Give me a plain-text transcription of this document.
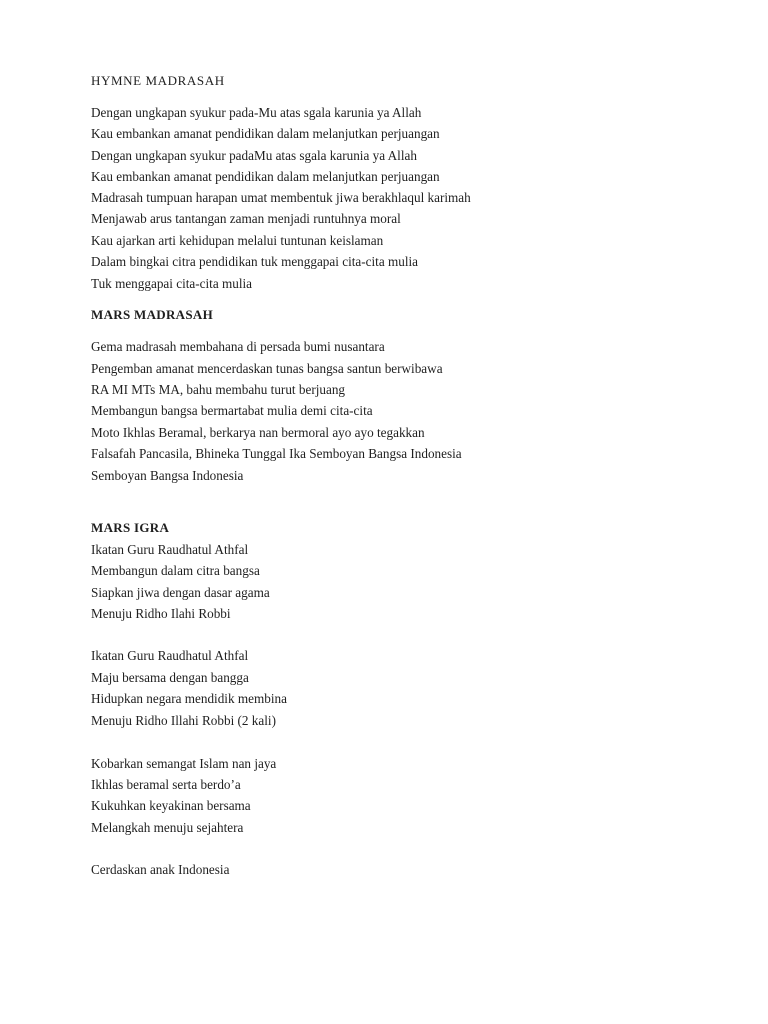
HYMNE MADRASAH
Dengan ungkapan syukur pada-Mu atas sgala karunia ya Allah
Kau embankan amanat pendidikan dalam melanjutkan perjuangan
Dengan ungkapan syukur padaMu atas sgala karunia ya Allah
Kau embankan amanat pendidikan dalam melanjutkan perjuangan
Madrasah tumpuan harapan umat membentuk jiwa berakhlaqul karimah
Menjawab arus tantangan zaman menjadi runtuhnya moral
Kau ajarkan arti kehidupan melalui tuntunan keislaman
Dalam bingkai citra pendidikan tuk menggapai cita-cita mulia
Tuk menggapai cita-cita mulia
MARS MADRASAH
Gema madrasah membahana di persada bumi nusantara
Pengemban amanat mencerdaskan tunas bangsa santun berwibawa
RA MI MTs MA, bahu membahu turut berjuang
Membangun bangsa bermartabat mulia demi cita-cita
Moto Ikhlas Beramal, berkarya nan bermoral ayo ayo tegakkan
Falsafah Pancasila, Bhineka Tunggal Ika Semboyan Bangsa Indonesia
Semboyan Bangsa Indonesia
MARS IGRA
Ikatan Guru Raudhatul Athfal
Membangun dalam citra bangsa
Siapkan jiwa dengan dasar agama
Menuju Ridho Ilahi Robbi
Ikatan Guru Raudhatul Athfal
Maju bersama dengan bangga
Hidupkan negara mendidik membina
Menuju Ridho Illahi Robbi (2 kali)
Kobarkan semangat Islam nan jaya
Ikhlas beramal serta berdo’a
Kukuhkan keyakinan bersama
Melangkah menuju sejahtera
Cerdaskan anak Indonesia
